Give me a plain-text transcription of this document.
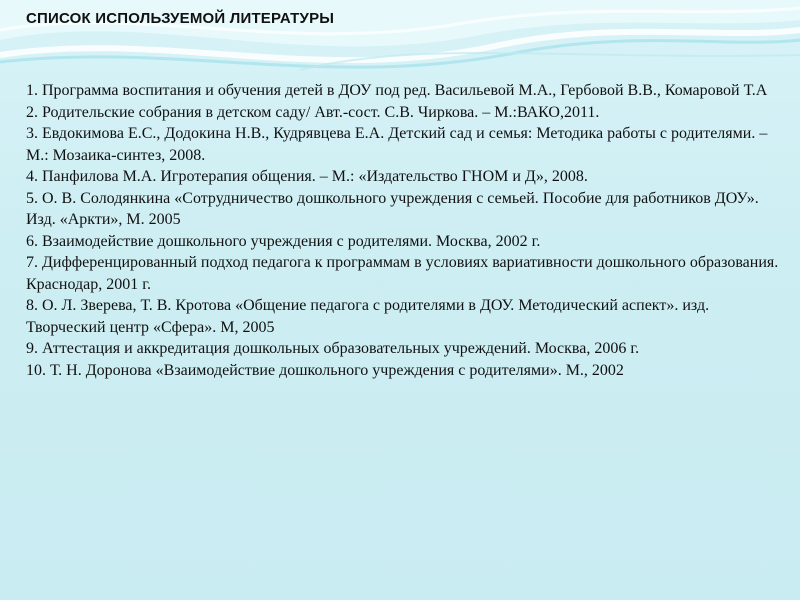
СПИСОК ИСПОЛЬЗУЕМОЙ ЛИТЕРАТУРЫ
1. Программа воспитания и обучения детей в ДОУ под ред. Васильевой М.А., Гербовой В.В., Комаровой Т.А
2. Родительские собрания в детском саду/ Авт.-сост. С.В. Чиркова. – М.:ВАКО,2011.
3. Евдокимова Е.С., Додокина Н.В., Кудрявцева Е.А. Детский сад и семья: Методика работы с родителями. – М.: Мозаика-синтез, 2008.
4. Панфилова М.А. Игротерапия общения. – М.: «Издательство ГНОМ и Д», 2008.
5. О. В. Солодянкина «Сотрудничество дошкольного учреждения с семьей. Пособие для работников ДОУ». Изд. «Аркти», М. 2005
6. Взаимодействие дошкольного учреждения с родителями. Москва, 2002 г.
7. Дифференцированный подход педагога к программам в условиях вариативности дошкольного образования. Краснодар, 2001 г.
8. О. Л. Зверева, Т. В. Кротова «Общение педагога с родителями в ДОУ. Методический аспект». изд. Творческий центр «Сфера». М, 2005
9. Аттестация и аккредитация дошкольных образовательных учреждений. Москва, 2006 г.
10. Т. Н. Доронова «Взаимодействие дошкольного учреждения с родителями». М., 2002
